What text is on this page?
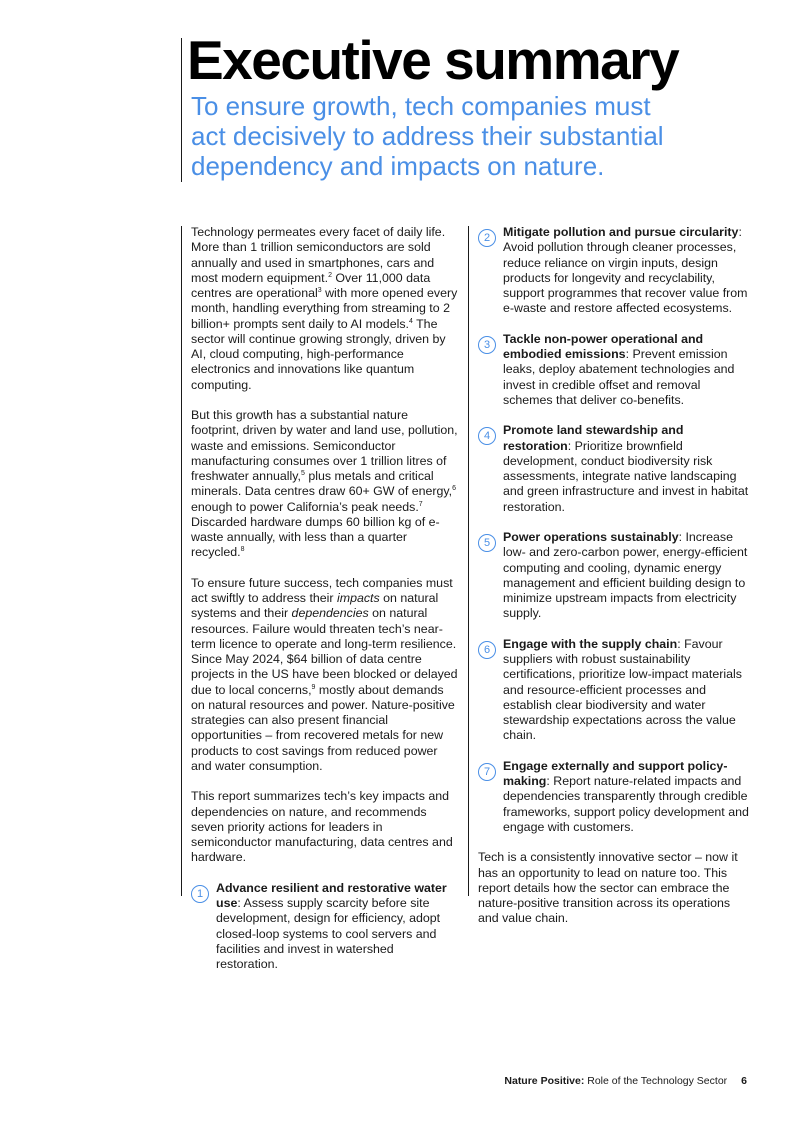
Executive summary
To ensure growth, tech companies must act decisively to address their substantial dependency and impacts on nature.

Technology permeates every facet of daily life. More than 1 trillion semiconductors are sold annually and used in smartphones, cars and most modern equipment.$^2$ Over 11,000 data centres are operational$^3$ with more opened every month, handling everything from streaming to 2 billion+ prompts sent daily to AI models.$^4$ The sector will continue growing strongly, driven by AI, cloud computing, high-performance electronics and innovations like quantum computing.

But this growth has a substantial nature footprint, driven by water and land use, pollution, waste and emissions. Semiconductor manufacturing consumes over 1 trillion litres of freshwater annually,$^5$ plus metals and critical minerals. Data centres draw 60+ GW of energy,$^6$ enough to power California’s peak needs.$^7$ Discarded hardware dumps 60 billion kg of e-waste annually, with less than a quarter recycled.$^8$

To ensure future success, tech companies must act swiftly to address their impacts on natural systems and their dependencies on natural resources. Failure would threaten tech’s near-term licence to operate and long-term resilience. Since May 2024, $64 billion of data centre projects in the US have been blocked or delayed due to local concerns,$^9$ mostly about demands on natural resources and power. Nature-positive strategies can also present financial opportunities – from recovered metals for new products to cost savings from reduced power and water consumption.

This report summarizes tech’s key impacts and dependencies on nature, and recommends seven priority actions for leaders in semiconductor manufacturing, data centres and hardware.

1	Advance resilient and restorative water use: Assess supply scarcity before site development, design for efficiency, adopt closed-loop systems to cool servers and facilities and invest in watershed restoration.
2	Mitigate pollution and pursue circularity: Avoid pollution through cleaner processes, reduce reliance on virgin inputs, design products for longevity and recyclability, support programmes that recover value from e-waste and restore affected ecosystems.
3	Tackle non-power operational and embodied emissions: Prevent emission leaks, deploy abatement technologies and invest in credible offset and removal schemes that deliver co-benefits.
4	Promote land stewardship and restoration: Prioritize brownfield development, conduct biodiversity risk assessments, integrate native landscaping and green infrastructure and invest in habitat restoration.
5	Power operations sustainably: Increase low- and zero-carbon power, energy-efficient computing and cooling, dynamic energy management and efficient building design to minimize upstream impacts from electricity supply.
6	Engage with the supply chain: Favour suppliers with robust sustainability certifications, prioritize low-impact materials and resource-efficient processes and establish clear biodiversity and water stewardship expectations across the value chain.
7	Engage externally and support policy-making: Report nature-related impacts and dependencies transparently through credible frameworks, support policy development and engage with customers.

Tech is a consistently innovative sector – now it has an opportunity to lead on nature too. This report details how the sector can embrace the nature-positive transition across its operations and value chain.

Nature Positive: Role of the Technology Sector 6
